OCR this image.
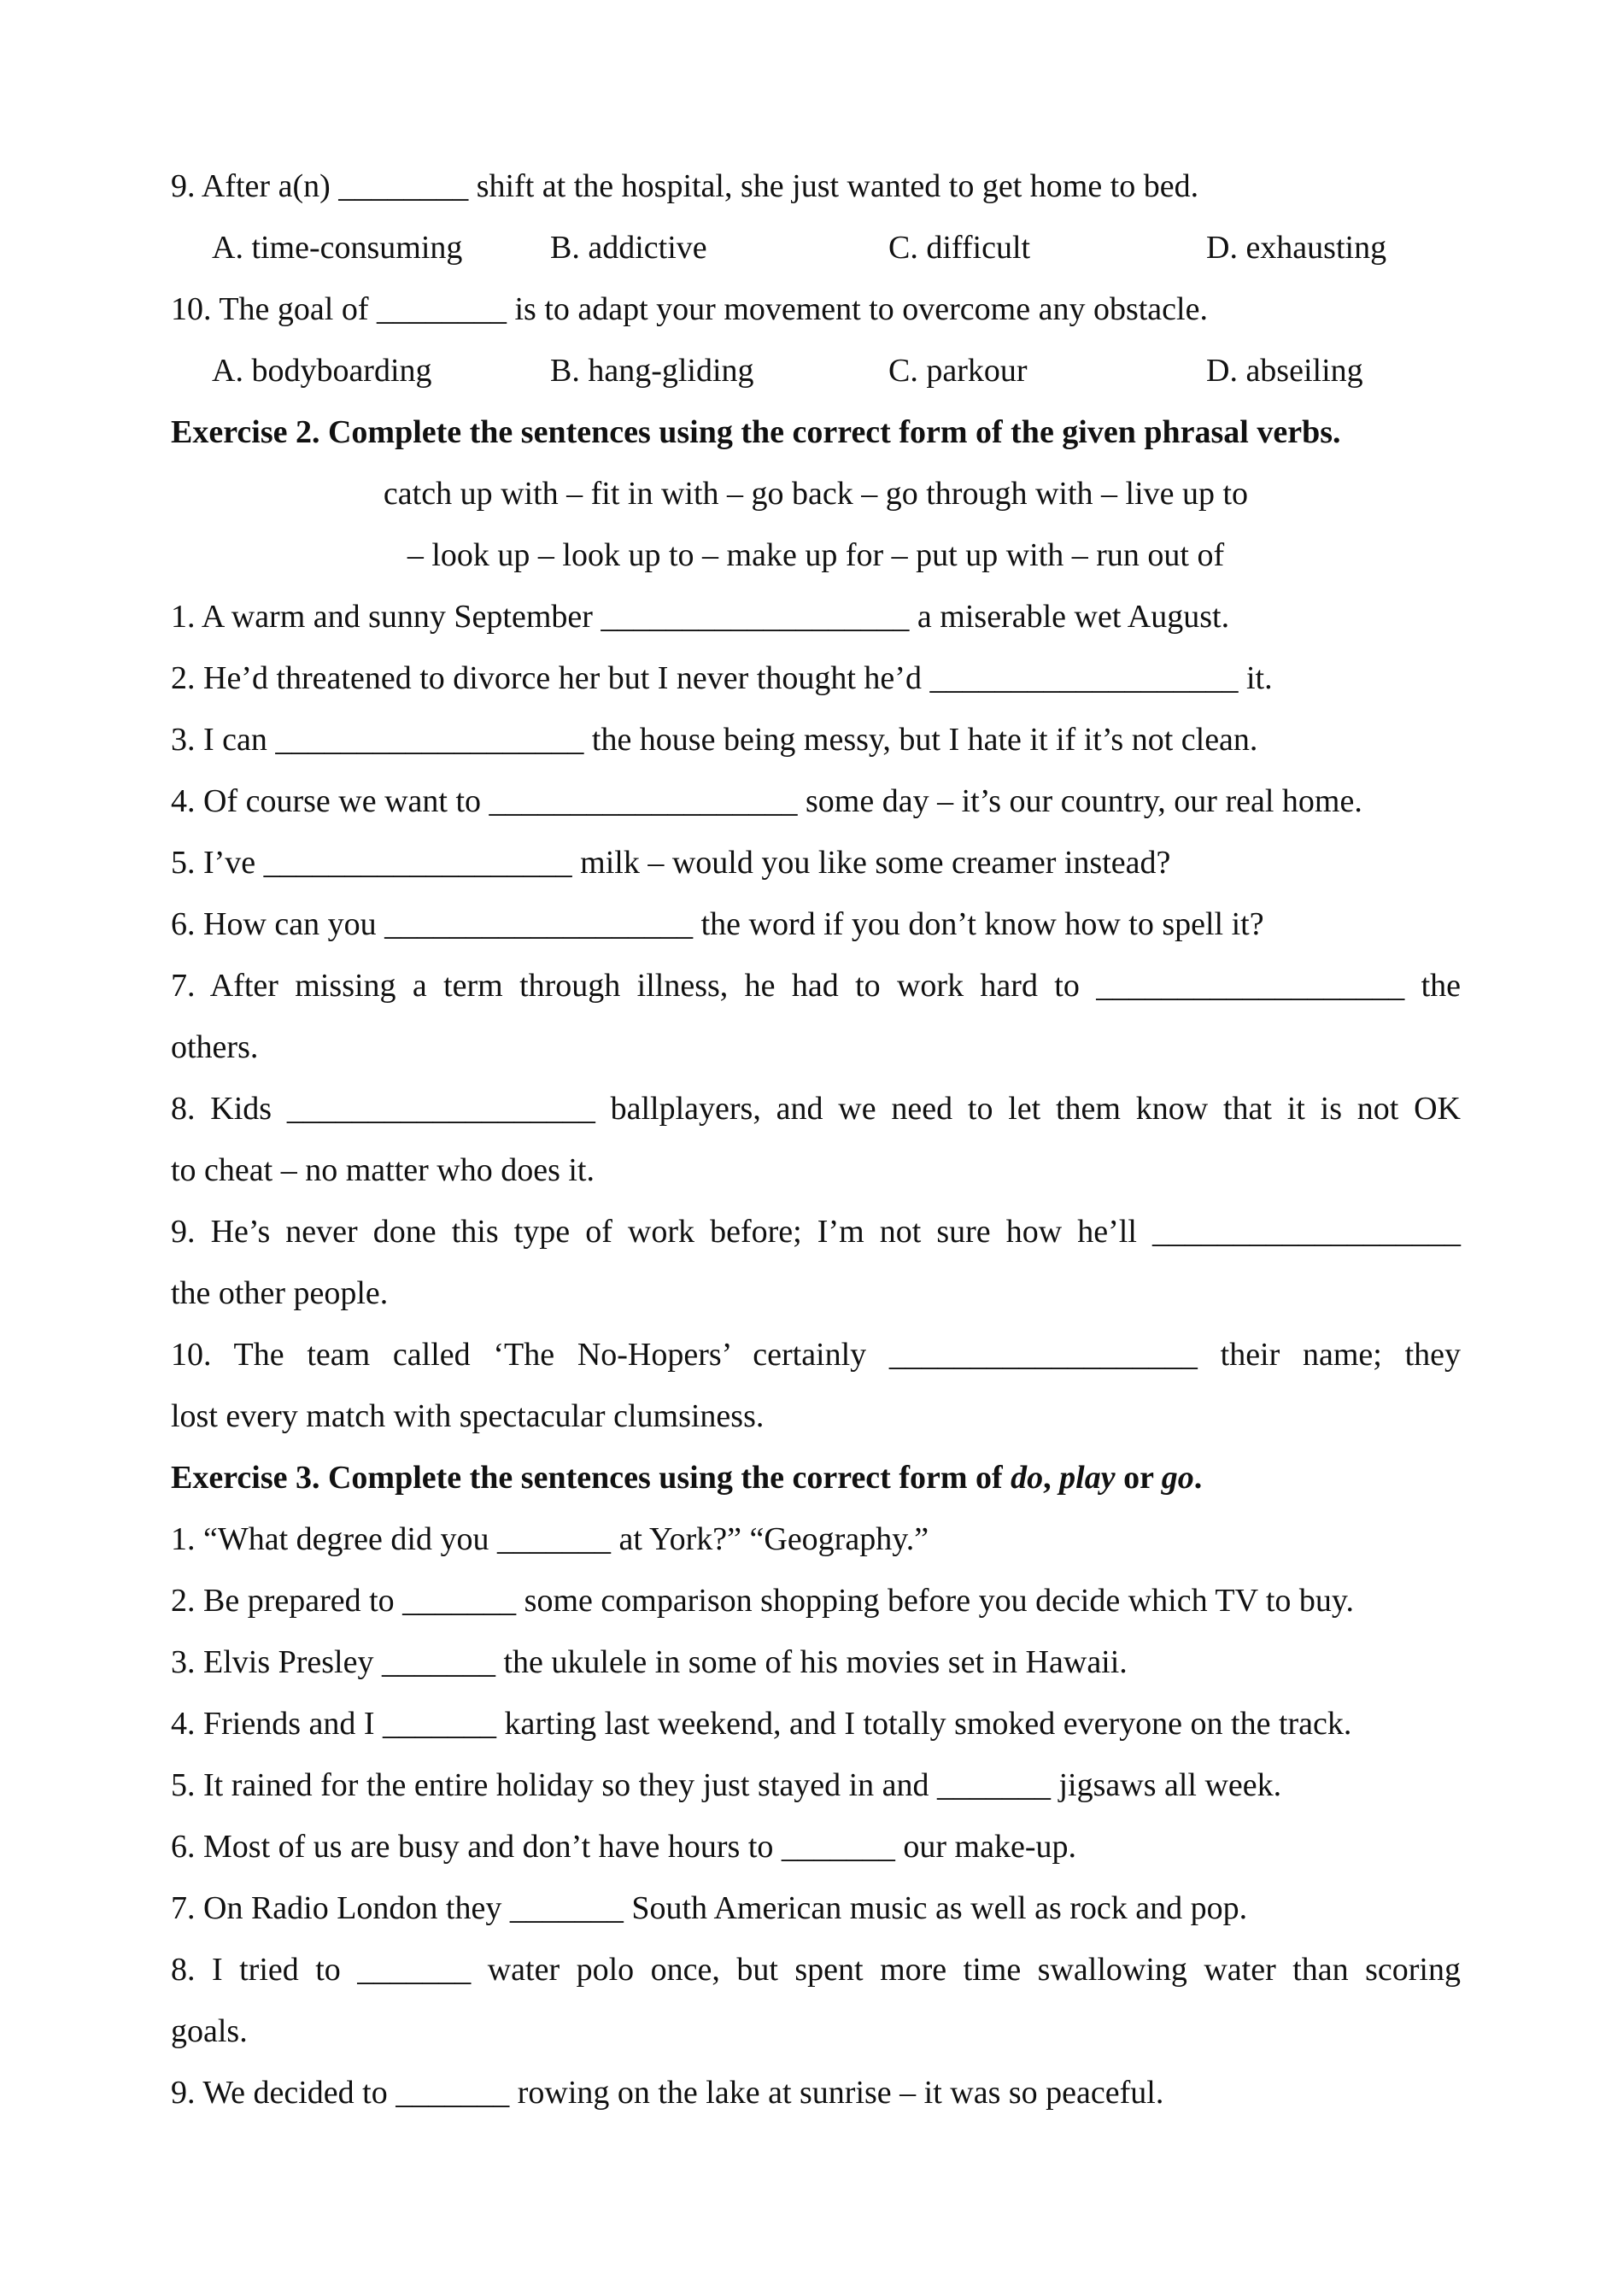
9. After a(n) ________ shift at the hospital, she just wanted to get home to bed.
A. time-consuming	B. addictive	C. difficult	D. exhausting
10. The goal of ________ is to adapt your movement to overcome any obstacle.
A. bodyboarding	B. hang-gliding	C. parkour	D. abseiling
Exercise 2. Complete the sentences using the correct form of the given phrasal verbs.
catch up with – fit in with – go back – go through with – live up to
– look up – look up to – make up for – put up with – run out of
1. A warm and sunny September ___________________ a miserable wet August.
2. He’d threatened to divorce her but I never thought he’d ___________________ it.
3. I can ___________________ the house being messy, but I hate it if it’s not clean.
4. Of course we want to ___________________ some day – it’s our country, our real home.
5. I’ve ___________________ milk – would you like some creamer instead?
6. How can you ___________________ the word if you don’t know how to spell it?
7. After missing a term through illness, he had to work hard to ___________________ the
others.
8. Kids ___________________ ballplayers, and we need to let them know that it is not OK
to cheat – no matter who does it.
9. He’s never done this type of work before; I’m not sure how he’ll ___________________
the other people.
10. The team called ‘The No-Hopers’ certainly ___________________ their name; they
lost every match with spectacular clumsiness.
Exercise 3. Complete the sentences using the correct form of do, play or go.
1. “What degree did you _______ at York?” “Geography.”
2. Be prepared to _______ some comparison shopping before you decide which TV to buy.
3. Elvis Presley _______ the ukulele in some of his movies set in Hawaii.
4. Friends and I _______ karting last weekend, and I totally smoked everyone on the track.
5. It rained for the entire holiday so they just stayed in and _______ jigsaws all week.
6. Most of us are busy and don’t have hours to _______ our make-up.
7. On Radio London they _______ South American music as well as rock and pop.
8. I tried to _______ water polo once, but spent more time swallowing water than scoring
goals.
9. We decided to _______ rowing on the lake at sunrise – it was so peaceful.
